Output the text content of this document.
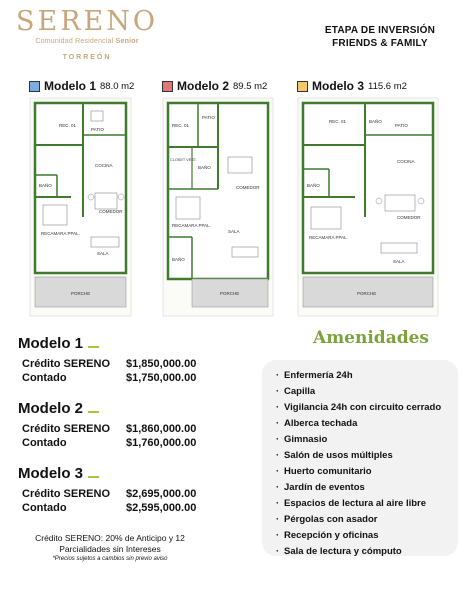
SERENO
Comunidad Residencial Senior
TORREÓN
ETAPA DE INVERSIÓN
FRIENDS & FAMILY
Modelo 1 88.0 m2
REC. 01
PATIO
COCINA
BAÑO
COMEDOR
RECAMARA PPAL.
SALA
PORCHE
Modelo 2 89.5 m2
REC. 01
PATIO
CLOSET VEST.
BAÑO
COMEDOR
RECAMARA PPAL.
SALA
BAÑO
PORCHE
Modelo 3 115.6 m2
REC. 01	BAÑO
PATIO
COCINA
BAÑO
COMEDOR
RECAMARA PPAL.
SALA
PORCHE
Modelo 1
Crédito SERENO	$1,850,000.00
Contado	$1,750,000.00
Modelo 2
Crédito SERENO	$1,860,000.00
Contado	$1,760,000.00
Modelo 3
Crédito SERENO	$2,695,000.00
Contado	$2,595,000.00
Crédito SERENO: 20% de Anticipo y 12
Parcialidades sin Intereses
*Precios sujetos a cambios sin previo aviso
Amenidades
· Enfermería 24h
· Capilla
· Vigilancia 24h con circuito cerrado
· Alberca techada
· Gimnasio
· Salón de usos múltiples
· Huerto comunitario
· Jardín de eventos
· Espacios de lectura al aire libre
· Pérgolas con asador
· Recepción y oficinas
· Sala de lectura y cómputo
